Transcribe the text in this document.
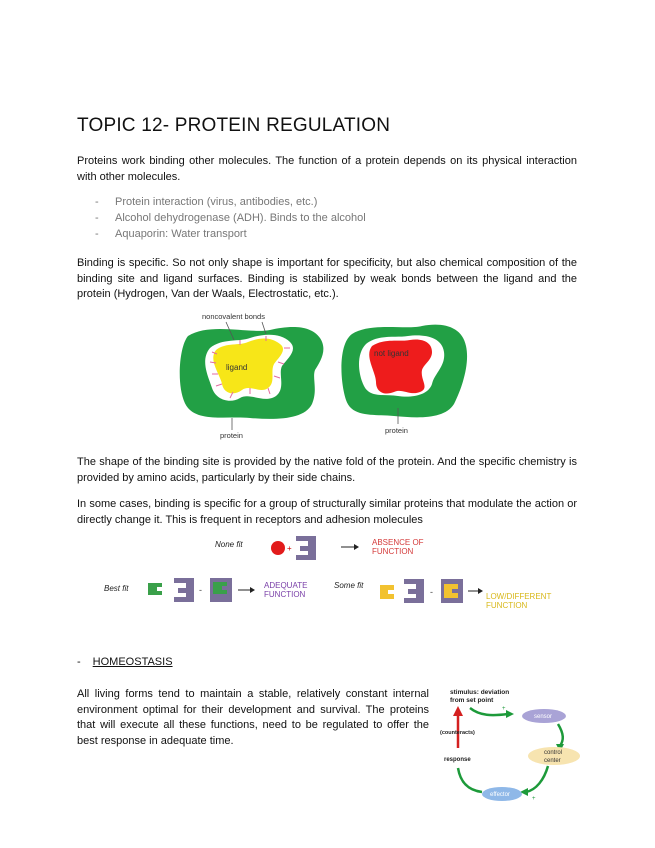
TOPIC 12- PROTEIN REGULATION
Proteins work binding other molecules. The function of a protein depends on its physical interaction with other molecules.
- Protein interaction (virus, antibodies, etc.)
- Alcohol dehydrogenase (ADH). Binds to the alcohol
- Aquaporin: Water transport
Binding is specific. So not only shape is important for specificity, but also chemical composition of the binding site and ligand surfaces. Binding is stabilized by weak bonds between the ligand and the protein (Hydrogen, Van der Waals, Electrostatic, etc.).
noncovalent bonds
ligand
protein
not ligand
protein
The shape of the binding site is provided by the native fold of the protein. And the specific chemistry is provided by amino acids, particularly by their side chains.
In some cases, binding is specific for a group of structurally similar proteins that modulate the action or directly change it. This is frequent in receptors and adhesion molecules
None fit	+
ABSENCE OF
FUNCTION
Best fit	-	ADEQUATE
FUNCTION
Some fit
-	LOW/DIFFERENT
FUNCTION
- HOMEOSTASIS
All living forms tend to maintain a stable, relatively constant internal environment optimal for their development and survival. The proteins that will execute all these functions, need to be regulated to offer the best response in adequate time.
stimulus: deviation
from set point
(counteracts)
response
+
sensor
control
center
+
effector
